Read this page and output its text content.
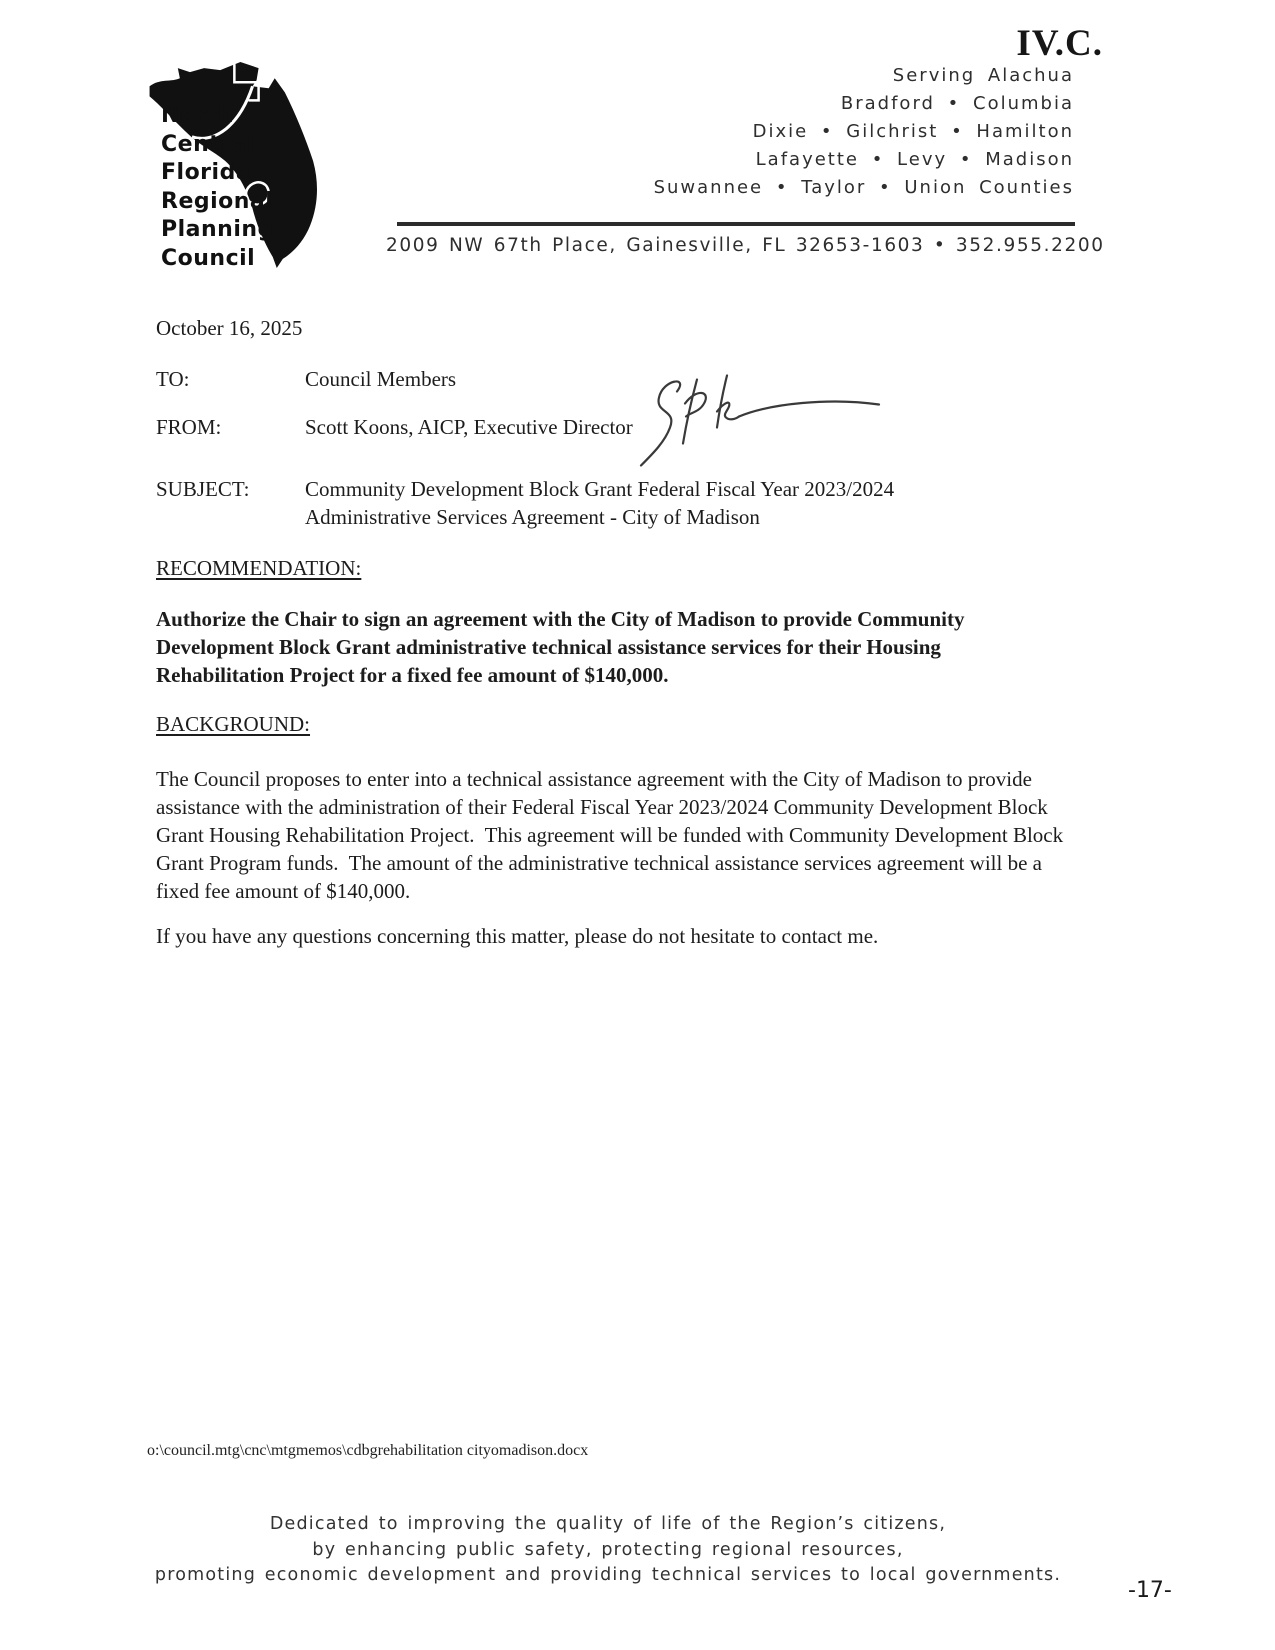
IV.C.
North
Central
Florida
Regional
Planning
Council
Serving Alachua
Bradford • Columbia
Dixie • Gilchrist • Hamilton
Lafayette • Levy • Madison
Suwannee • Taylor • Union Counties
2009 NW 67th Place, Gainesville, FL 32653-1603 • 352.955.2200
October 16, 2025
TO:	Council Members
FROM:	Scott Koons, AICP, Executive Director
SUBJECT:	Community Development Block Grant Federal Fiscal Year 2023/2024
Administrative Services Agreement - City of Madison
RECOMMENDATION:
Authorize the Chair to sign an agreement with the City of Madison to provide Community Development Block Grant administrative technical assistance services for their Housing Rehabilitation Project for a fixed fee amount of $140,000.
BACKGROUND:
The Council proposes to enter into a technical assistance agreement with the City of Madison to provide assistance with the administration of their Federal Fiscal Year 2023/2024 Community Development Block Grant Housing Rehabilitation Project.  This agreement will be funded with Community Development Block Grant Program funds.  The amount of the administrative technical assistance services agreement will be a fixed fee amount of $140,000.
If you have any questions concerning this matter, please do not hesitate to contact me.
o:\council.mtg\cnc\mtgmemos\cdbgrehabilitation cityomadison.docx
Dedicated to improving the quality of life of the Region’s citizens,
by enhancing public safety, protecting regional resources,
promoting economic development and providing technical services to local governments.
-17-
